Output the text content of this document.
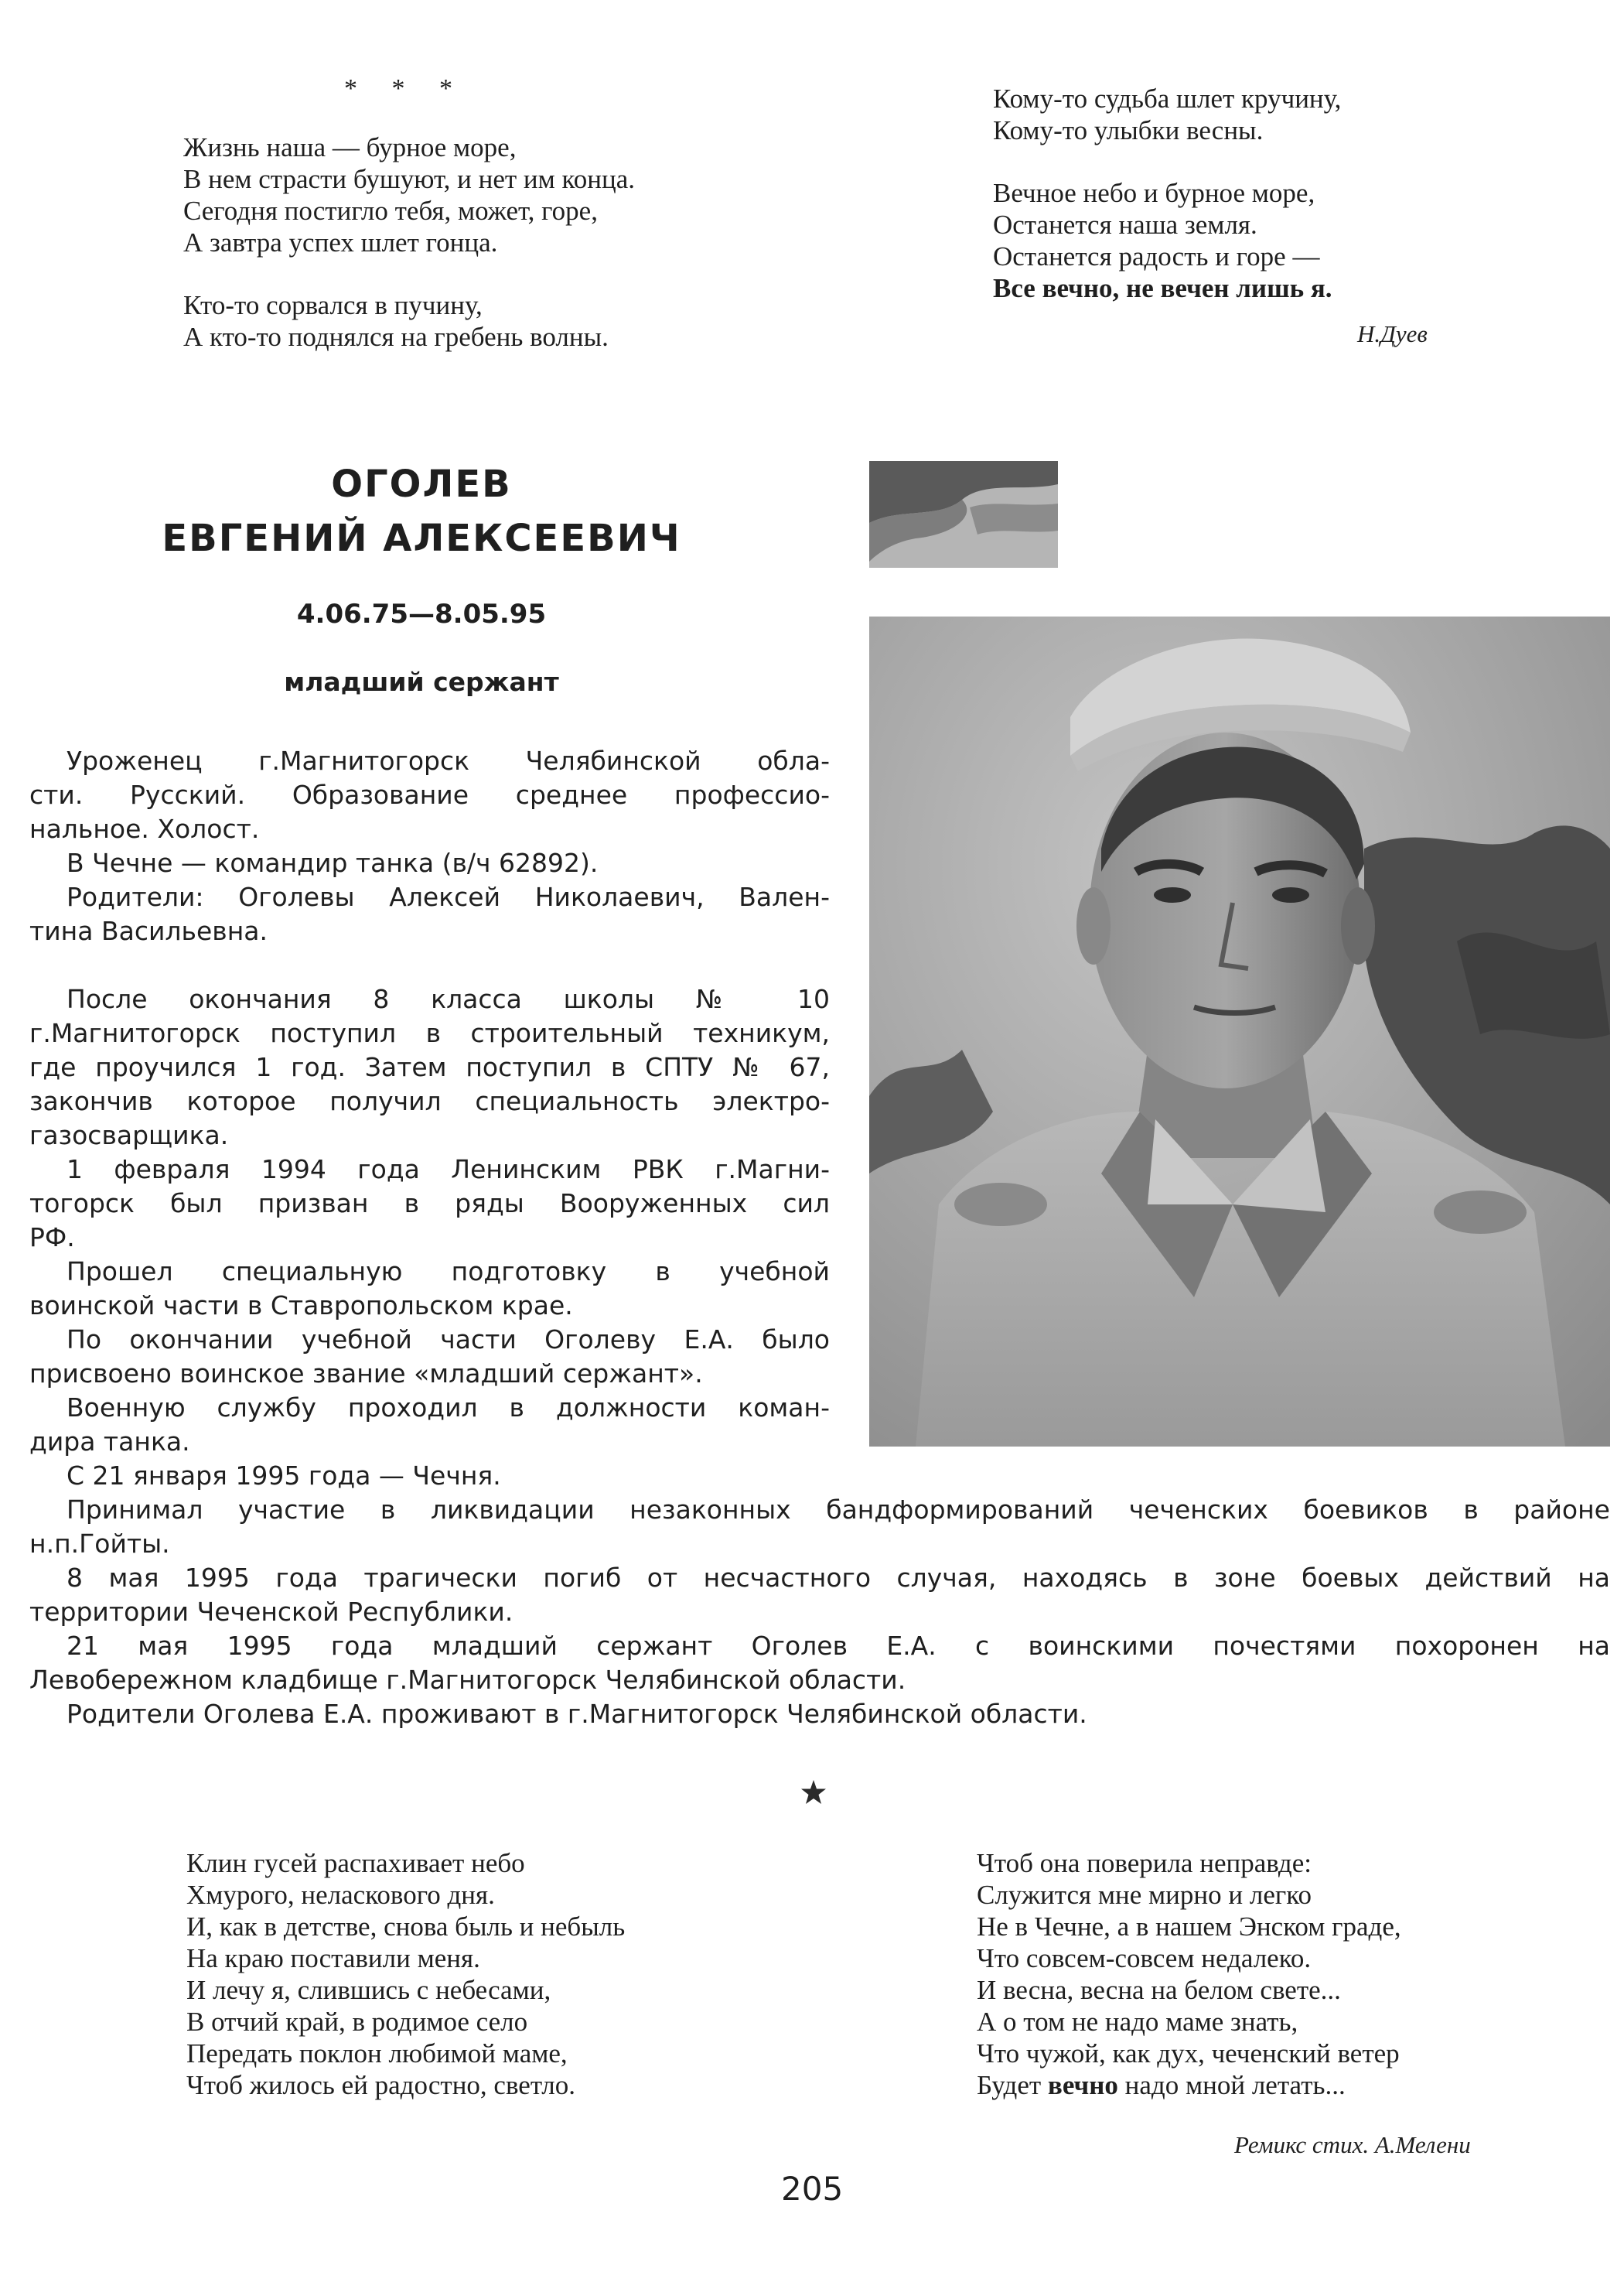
* * *
Жизнь наша — бурное море,
В нем страсти бушуют, и нет им конца.
Сегодня постигло тебя, может, горе,
А завтра успех шлет гонца.
Кто-то сорвался в пучину,
А кто-то поднялся на гребень волны.
Кому-то судьба шлет кручину,
Кому-то улыбки весны.
Вечное небо и бурное море,
Останется наша земля.
Останется радость и горе —
Все вечно, не вечен лишь я.
Н.Дуев
ОГОЛЕВ
ЕВГЕНИЙ АЛЕКСЕЕВИЧ
4.06.75—8.05.95
младший сержант
Уроженец г.Магнитогорск Челябинской обла-
сти. Русский. Образование среднее профессио-
нальное. Холост.
В Чечне — командир танка (в/ч 62892).
Родители: Оголевы Алексей Николаевич, Вален-
тина Васильевна.
После окончания 8 класса школы № 10
г.Магнитогорск поступил в строительный техникум,
где проучился 1 год. Затем поступил в СПТУ № 67,
закончив которое получил специальность электро-
газосварщика.
1 февраля 1994 года Ленинским РВК г.Магни-
тогорск был призван в ряды Вооруженных сил
РФ.
Прошел специальную подготовку в учебной
воинской части в Ставропольском крае.
По окончании учебной части Оголеву Е.А. было
присвоено воинское звание «младший сержант».
Военную службу проходил в должности коман-
дира танка.
С 21 января 1995 года — Чечня.
Принимал участие в ликвидации незаконных бандформирований чеченских боевиков в районе
н.п.Гойты.
8 мая 1995 года трагически погиб от несчастного случая, находясь в зоне боевых действий на
территории Чеченской Республики.
21 мая 1995 года младший сержант Оголев Е.А. с воинскими почестями похоронен на
Левобережном кладбище г.Магнитогорск Челябинской области.
Родители Оголева Е.А. проживают в г.Магнитогорск Челябинской области.
Клин гусей распахивает небо
Хмурого, неласкового дня.
И, как в детстве, снова быль и небыль
На краю поставили меня.
И лечу я, слившись с небесами,
В отчий край, в родимое село
Передать поклон любимой маме,
Чтоб жилось ей радостно, светло.
Чтоб она поверила неправде:
Служится мне мирно и легко
Не в Чечне, а в нашем Энском граде,
Что совсем-совсем недалеко.
И весна, весна на белом свете...
А о том не надо маме знать,
Что чужой, как дух, чеченский ветер
Будет вечно надо мной летать...
Ремикс стих. А.Мелени
205
